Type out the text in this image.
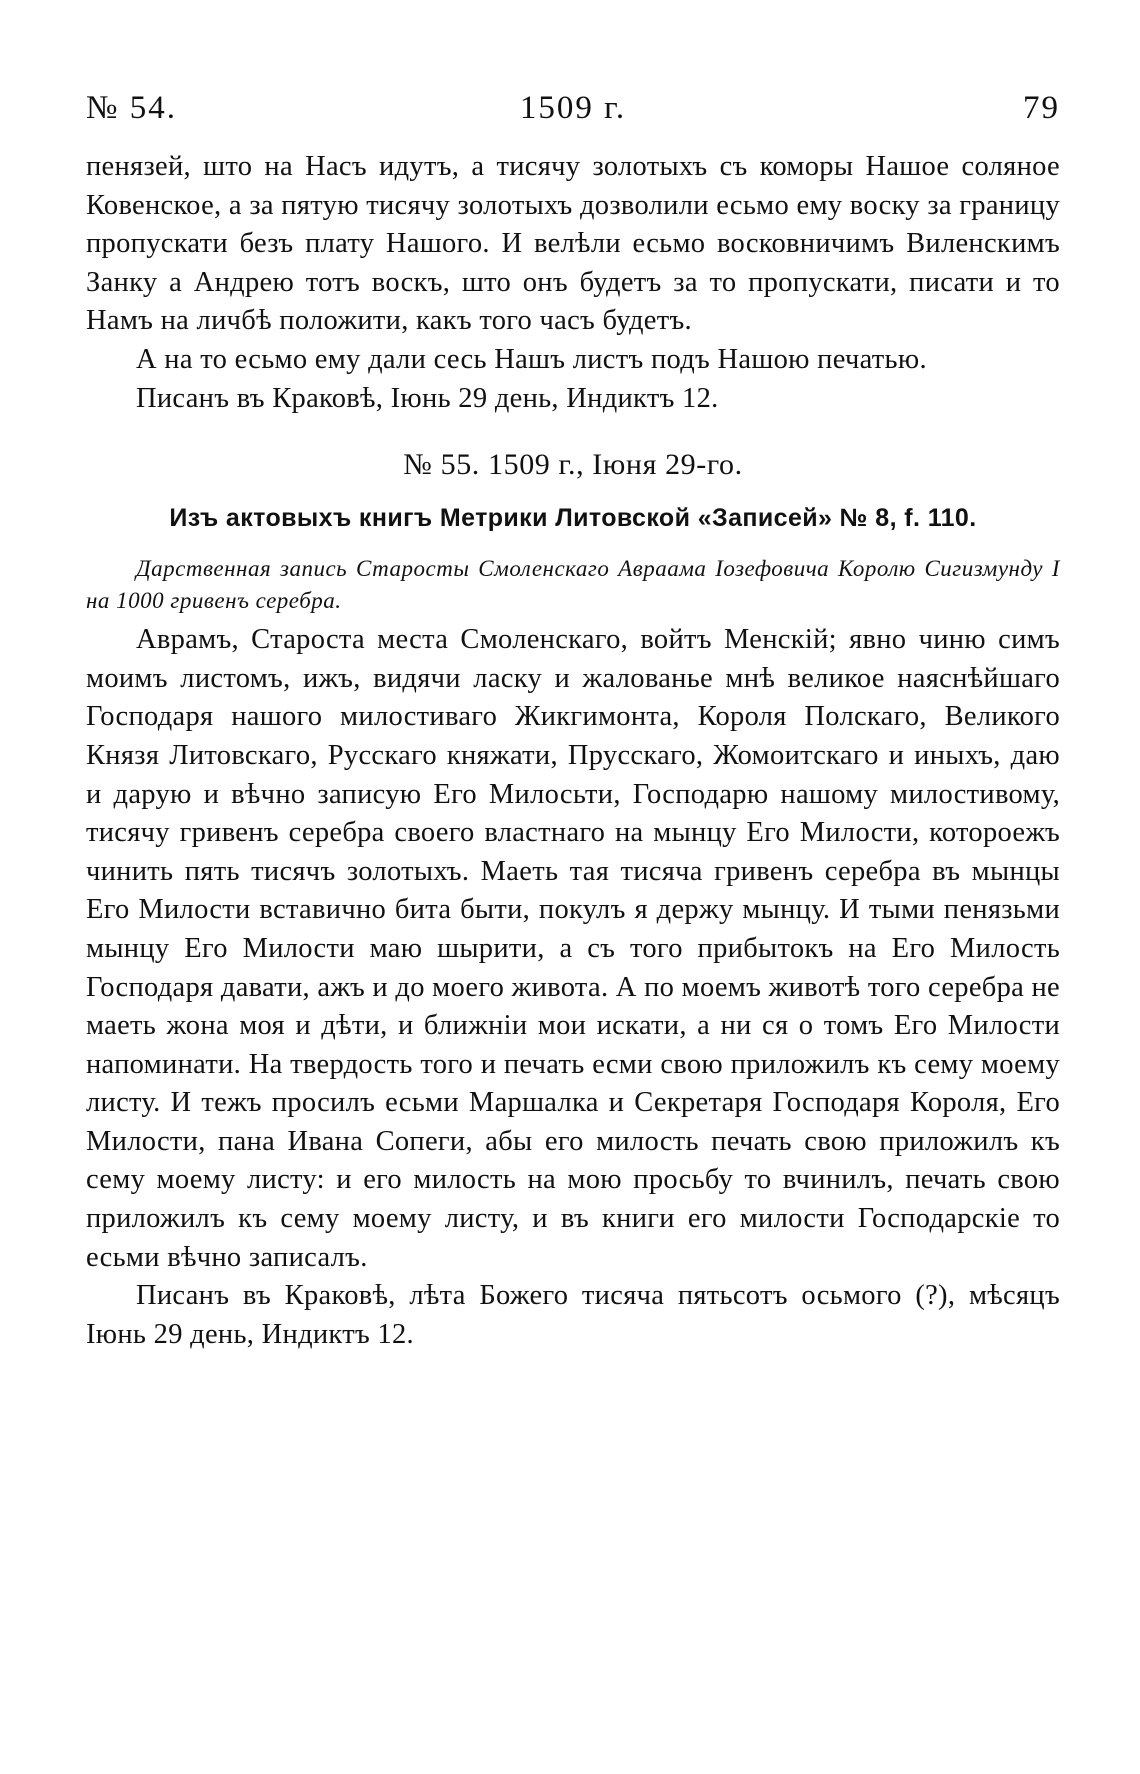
№ 54.	1509 г.	79

пенязей, што на Насъ идутъ, а тисячу золотыхъ съ коморы Нашое соляное Ковенское, а за пятую тисячу золотыхъ дозволили есьмо ему воску за границу пропускати безъ плату Нашого. И велѣли есьмо восковничимъ Виленскимъ Занку а Андрею тотъ воскъ, што онъ будетъ за то пропускати, писати и то Намъ на личбѣ положити, какъ того часъ будетъ.

А на то есьмо ему дали сесь Нашъ листъ подъ Нашою печатью.

Писанъ въ Краковѣ, Іюнь 29 день, Индиктъ 12.

№ 55. 1509 г., Іюня 29-го.
Изъ актовыхъ книгъ Метрики Литовской «Записей» № 8, f. 110.
Дарственная запись Старосты Смоленскаго Авраама Іозефовича Королю Сигизмунду I на 1000 гривенъ серебра.

Аврамъ, Староста места Смоленскаго, войтъ Менскій; явно чиню симъ моимъ листомъ, ижъ, видячи ласку и жалованье мнѣ великое наяснѣйшаго Господаря нашого милостиваго Жикгимонта, Короля Полскаго, Великого Князя Литовскаго, Русскаго княжати, Прусскаго, Жомоитскаго и иныхъ, даю и дарую и вѣчно записую Его Милосьти, Господарю нашому милостивому, тисячу гривенъ серебра своего властнаго на мынцу Его Милости, котороежъ чинить пять тисячъ золотыхъ. Маеть тая тисяча гривенъ серебра въ мынцы Его Милости вставично бита быти, покулъ я держу мынцу. И тыми пенязьми мынцу Его Милости маю шырити, а съ того прибытокъ на Его Милость Господаря давати, ажъ и до моего живота. А по моемъ животѣ того серебра не маеть жона моя и дѣти, и ближніи мои искати, а ни ся о томъ Его Милости напоминати. На твердость того и печать есми свою приложилъ къ сему моему листу. И тежъ просилъ есьми Маршалка и Секретаря Господаря Короля, Его Милости, пана Ивана Сопеги, абы его милость печать свою приложилъ къ сему моему листу: и его милость на мою просьбу то вчинилъ, печать свою приложилъ къ сему моему листу, и въ книги его милости Господарскіе то есьми вѣчно записалъ.

Писанъ въ Краковѣ, лѣта Божего тисяча пятьсотъ осьмого (?), мѣсяцъ Іюнь 29 день, Индиктъ 12.
